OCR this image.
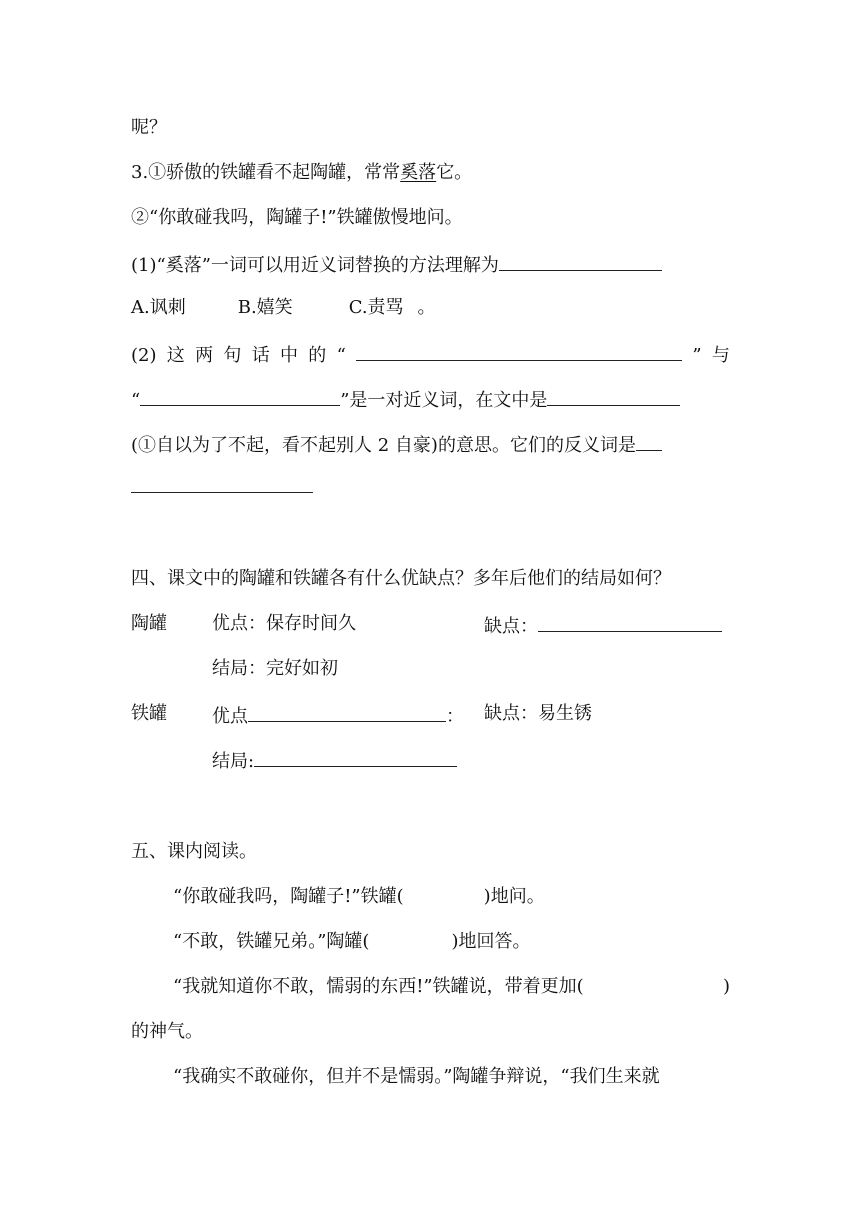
呢？
3.①骄傲的铁罐看不起陶罐，常常奚落它。
②“你敢碰我吗，陶罐子!”铁罐傲慢地问。
(1)“奚落”一词可以用近义词替换的方法理解为
A.讽刺	B.嬉笑	C.责骂 。
(2) 这 两 句 话 中 的 “	” 与
“	”是一对近义词，在文中是
(①自以为了不起，看不起别人 2 自豪)的意思。它们的反义词是
四、课文中的陶罐和铁罐各有什么优缺点？多年后他们的结局如何？
陶罐	优点：保存时间久	缺点：
结局：完好如初
铁罐	优点	： 缺点：易生锈
结局:
五、课内阅读。
“你敢碰我吗，陶罐子!”铁罐(	)地问。
“不敢，铁罐兄弟。”陶罐(	)地回答。
“我就知道你不敢，懦弱的东西!”铁罐说，带着更加(	)
的神气。
“我确实不敢碰你，但并不是懦弱。”陶罐争辩说，“我们生来就
